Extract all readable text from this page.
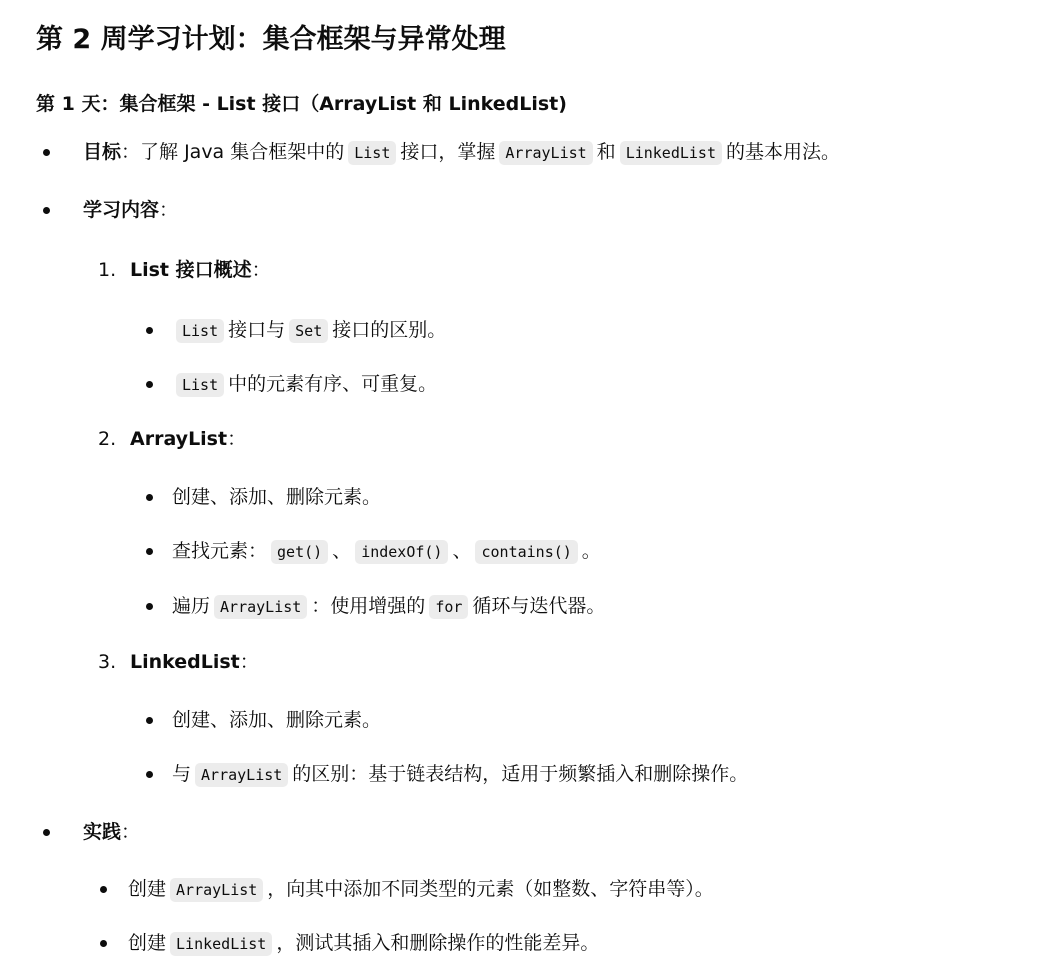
第 2 周学习计划：集合框架与异常处理
第 1 天：集合框架 - List 接口（ArrayList 和 LinkedList)
目标：了解 Java 集合框架中的 List 接口，掌握 ArrayList 和 LinkedList 的基本用法。
学习内容：
1. List 接口概述：
List 接口与 Set 接口的区别。
List 中的元素有序、可重复。
2. ArrayList：
创建、添加、删除元素。
查找元素： get() 、 indexOf() 、 contains() 。
遍历 ArrayList ：使用增强的 for 循环与迭代器。
3. LinkedList：
创建、添加、删除元素。
与 ArrayList 的区别：基于链表结构，适用于频繁插入和删除操作。
实践：
创建 ArrayList ，向其中添加不同类型的元素（如整数、字符串等）。
创建 LinkedList ，测试其插入和删除操作的性能差异。
